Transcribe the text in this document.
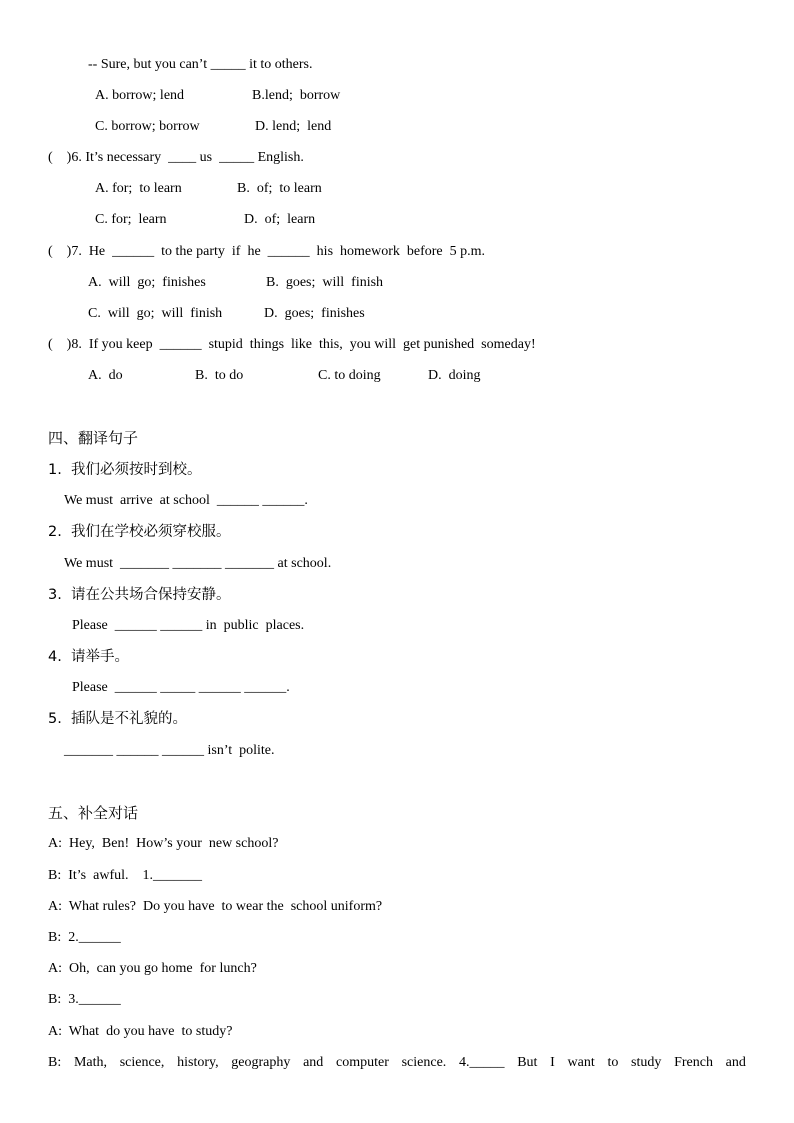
-- Sure, but you can’t _____ it to others.
A. borrow; lend	B.lend;  borrow
C. borrow; borrow	D. lend;  lend
(    )6. It’s necessary  ____ us  _____ English.
A. for;  to learn	B.  of;  to learn
C. for;  learn	D.  of;  learn
(    )7.  He  ______  to the party  if  he  ______  his  homework  before  5 p.m.
A.  will  go;  finishes	B.  goes;  will  finish
C.  will  go;  will  finish	D.  goes;  finishes
(    )8.  If you keep  ______  stupid  things  like  this,  you will  get punished  someday!
A.  do	B.  to do	C. to doing	D.  doing
四、翻译句子
1.  我们必须按时到校。
We must  arrive  at school  ______ ______.
2.  我们在学校必须穿校服。
We must  _______ _______ _______ at school.
3.  请在公共场合保持安静。
Please  ______ ______ in  public  places.
4.  请举手。
Please  ______ _____ ______ ______.
5.  插队是不礼貌的。
_______ ______ ______ isn’t  polite.
五、补全对话
A:  Hey,  Ben!  How’s your  new school?
B:  It’s  awful.    1._______
A:  What rules?  Do you have  to wear the  school uniform?
B:  2.______
A:  Oh,  can you go home  for lunch?
B:  3.______
A:  What  do you have  to study?
B: Math, science, history, geography and computer science. 4._____ But I want to study French and
